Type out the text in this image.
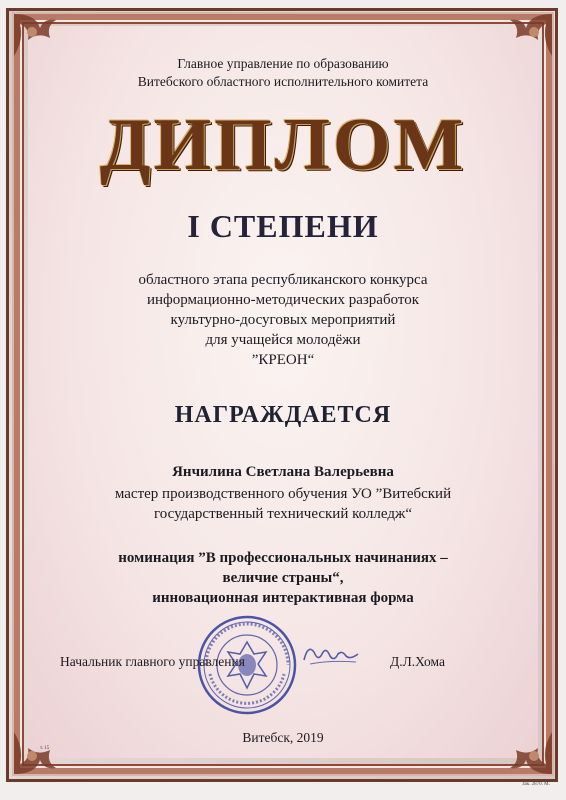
Главное управление по образованию
Витебского областного исполнительного комитета
ДИПЛОМ
I СТЕПЕНИ
областного этапа республиканского конкурса
информационно-методических разработок
культурно-досуговых мероприятий
для учащейся молодёжи
”КРЕОН“
НАГРАЖДАЕТСЯ
Янчилина Светлана Валерьевна
мастер производственного обучения УО ”Витебский
государственный технический колледж“
номинация ”В профессиональных начинаниях –
величие страны“,
инновационная интерактивная форма
Начальник главного управления	Д.Л.Хома
Витебск, 2019
т. 15
Зак. 2870. М.
